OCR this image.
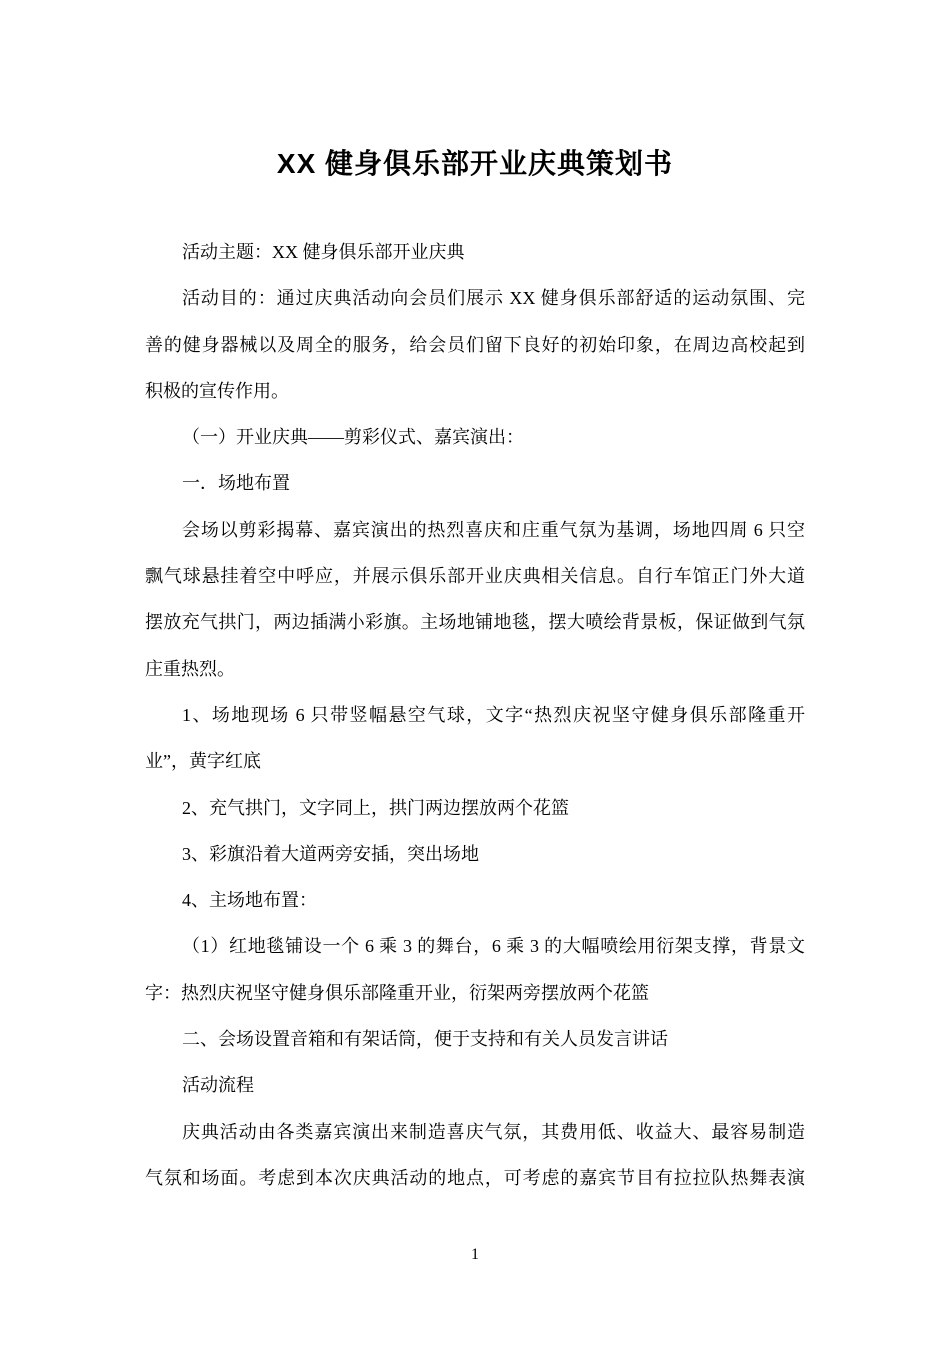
XX 健身俱乐部开业庆典策划书
活动主题：XX 健身俱乐部开业庆典
活动目的：通过庆典活动向会员们展示 XX 健身俱乐部舒适的运动氛围、完
善的健身器械以及周全的服务，给会员们留下良好的初始印象，在周边高校起到
积极的宣传作用。
（一）开业庆典——剪彩仪式、嘉宾演出：
一．场地布置
会场以剪彩揭幕、嘉宾演出的热烈喜庆和庄重气氛为基调，场地四周 6 只空
飘气球悬挂着空中呼应，并展示俱乐部开业庆典相关信息。自行车馆正门外大道
摆放充气拱门，两边插满小彩旗。主场地铺地毯，摆大喷绘背景板，保证做到气氛
庄重热烈。
1、场地现场 6 只带竖幅悬空气球，文字“热烈庆祝坚守健身俱乐部隆重开
业”，黄字红底
2、充气拱门，文字同上，拱门两边摆放两个花篮
3、彩旗沿着大道两旁安插，突出场地
4、主场地布置：
（1）红地毯铺设一个 6 乘 3 的舞台，6 乘 3 的大幅喷绘用衍架支撑，背景文
字：热烈庆祝坚守健身俱乐部隆重开业，衍架两旁摆放两个花篮
二、会场设置音箱和有架话筒，便于支持和有关人员发言讲话
活动流程
庆典活动由各类嘉宾演出来制造喜庆气氛，其费用低、收益大、最容易制造
气氛和场面。考虑到本次庆典活动的地点，可考虑的嘉宾节目有拉拉队热舞表演
1
